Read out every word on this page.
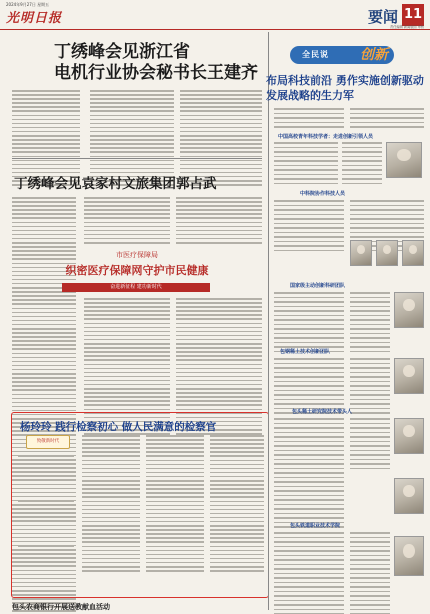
2024年9月27日 星期五
光明日报	要闻 11
责任编辑 新闻版面 审核
丁绣峰会见浙江省
电机行业协会秘书长王建齐
丁绣峰会见袁家村文旅集团郭占武
市医疗保障局
织密医疗保障网守护市民健康
奋进新征程 建功新时代
杨玲玲 践行检察初心 做人民满意的检察官
致敬新时代
包头农商银行开展送教献血活动
全民说 创新
布局科技前沿 勇作实施创新驱动
发展战略的生力军
中国高校青年科技学者：走进创新引领人员
中科院协作科技人员
国家级主动创新科研团队
包钢稀土技术创新团队
包头稀土研究院技术带头人
包头铁道职业技术学院
